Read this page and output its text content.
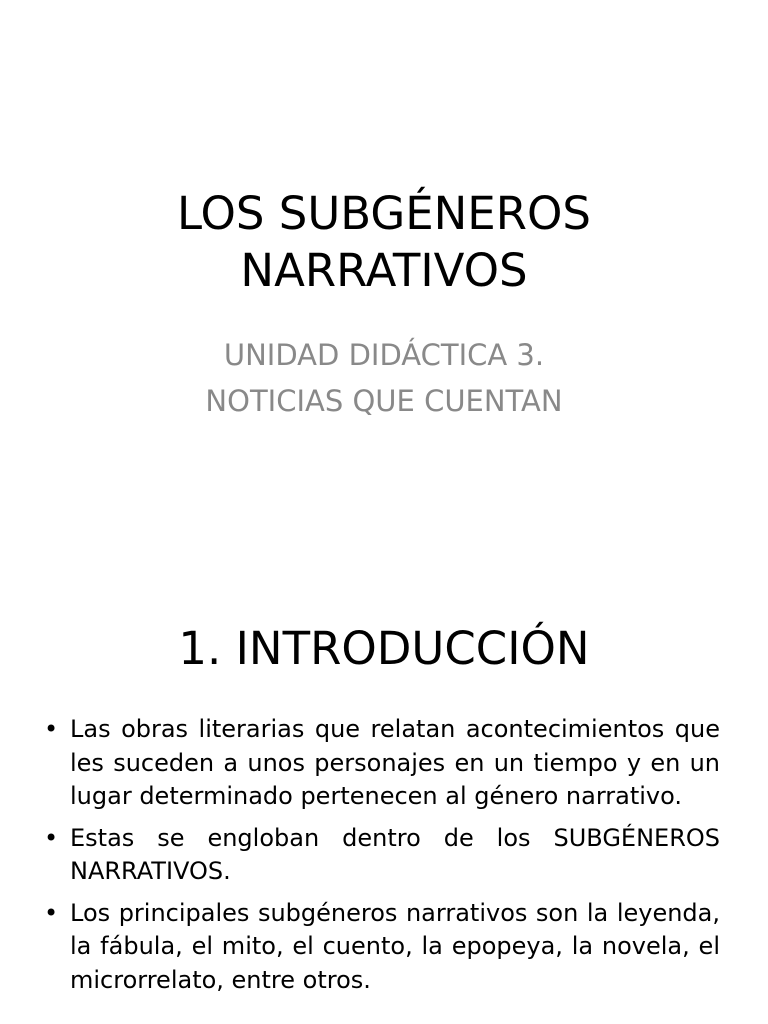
LOS SUBGÉNEROS
NARRATIVOS

UNIDAD DIDÁCTICA 3.
NOTICIAS QUE CUENTAN

1. INTRODUCCIÓN
• Las obras literarias que relatan acontecimientos que les suceden a unos personajes en un tiempo y en un lugar determinado pertenecen al género narrativo.
• Estas se engloban dentro de los SUBGÉNEROS NARRATIVOS.
• Los principales subgéneros narrativos son la leyenda, la fábula, el mito, el cuento, la epopeya, la novela, el microrrelato, entre otros.
